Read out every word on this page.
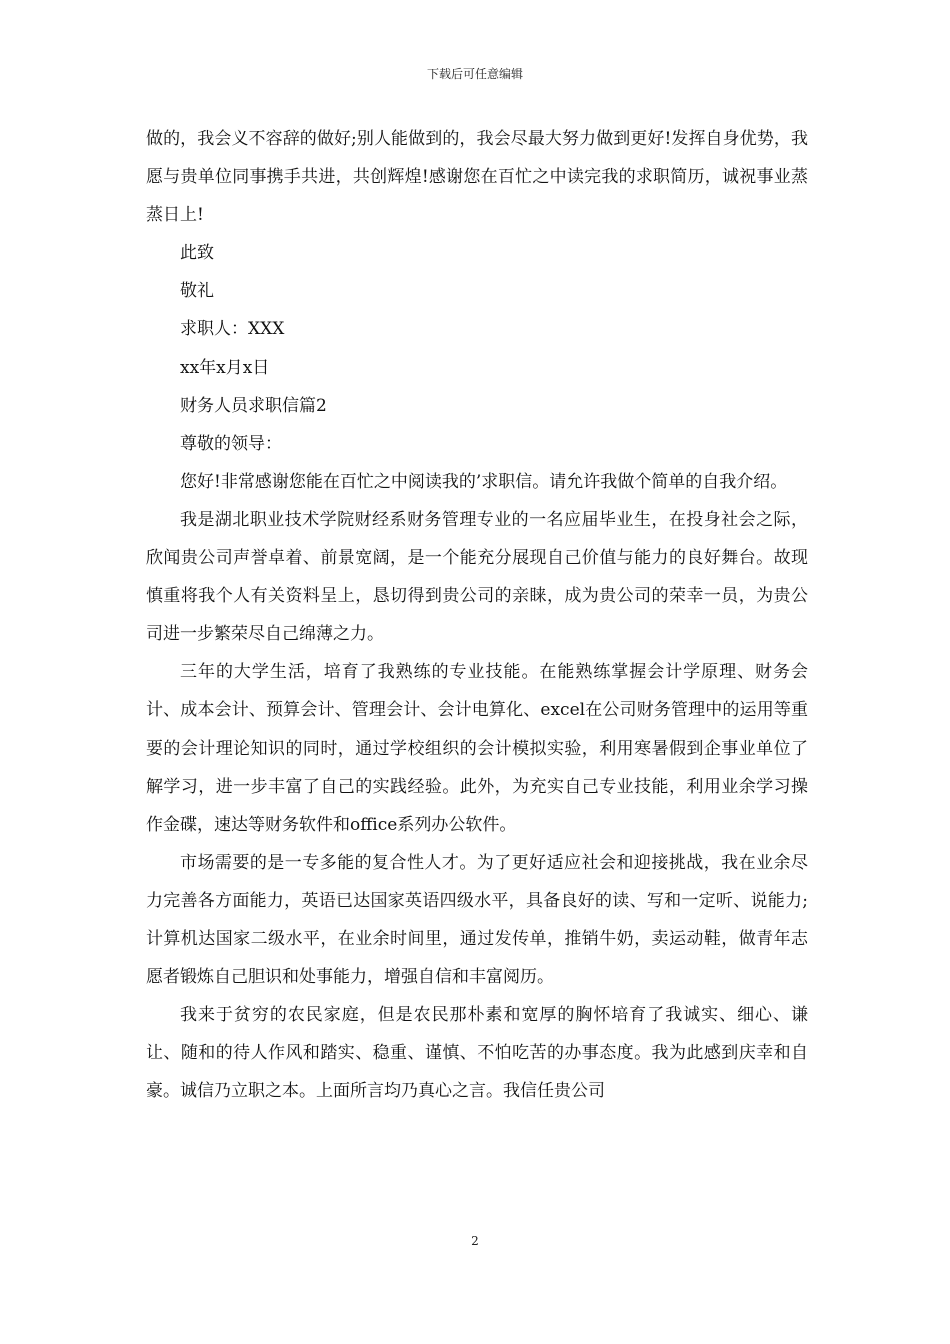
下载后可任意编辑

做的，我会义不容辞的做好;别人能做到的，我会尽最大努力做到更好!发挥自身优势，我愿与贵单位同事携手共进，共创辉煌!感谢您在百忙之中读完我的求职简历，诚祝事业蒸蒸日上!

此致

敬礼

求职人：XXX

xx年x月x日

财务人员求职信篇2

尊敬的领导：

您好!非常感谢您能在百忙之中阅读我的’求职信。请允许我做个简单的自我介绍。

我是湖北职业技术学院财经系财务管理专业的一名应届毕业生，在投身社会之际，欣闻贵公司声誉卓着、前景宽阔，是一个能充分展现自己价值与能力的良好舞台。故现慎重将我个人有关资料呈上，恳切得到贵公司的亲睐，成为贵公司的荣幸一员，为贵公司进一步繁荣尽自己绵薄之力。

三年的大学生活，培育了我熟练的专业技能。在能熟练掌握会计学原理、财务会计、成本会计、预算会计、管理会计、会计电算化、excel在公司财务管理中的运用等重要的会计理论知识的同时，通过学校组织的会计模拟实验，利用寒暑假到企事业单位了解学习，进一步丰富了自己的实践经验。此外，为充实自己专业技能，利用业余学习操作金碟，速达等财务软件和office系列办公软件。

市场需要的是一专多能的复合性人才。为了更好适应社会和迎接挑战，我在业余尽力完善各方面能力，英语已达国家英语四级水平，具备良好的读、写和一定听、说能力;计算机达国家二级水平，在业余时间里，通过发传单，推销牛奶，卖运动鞋，做青年志愿者锻炼自己胆识和处事能力，增强自信和丰富阅历。

我来于贫穷的农民家庭，但是农民那朴素和宽厚的胸怀培育了我诚实、细心、谦让、随和的待人作风和踏实、稳重、谨慎、不怕吃苦的办事态度。我为此感到庆幸和自豪。诚信乃立职之本。上面所言均乃真心之言。我信任贵公司

2
